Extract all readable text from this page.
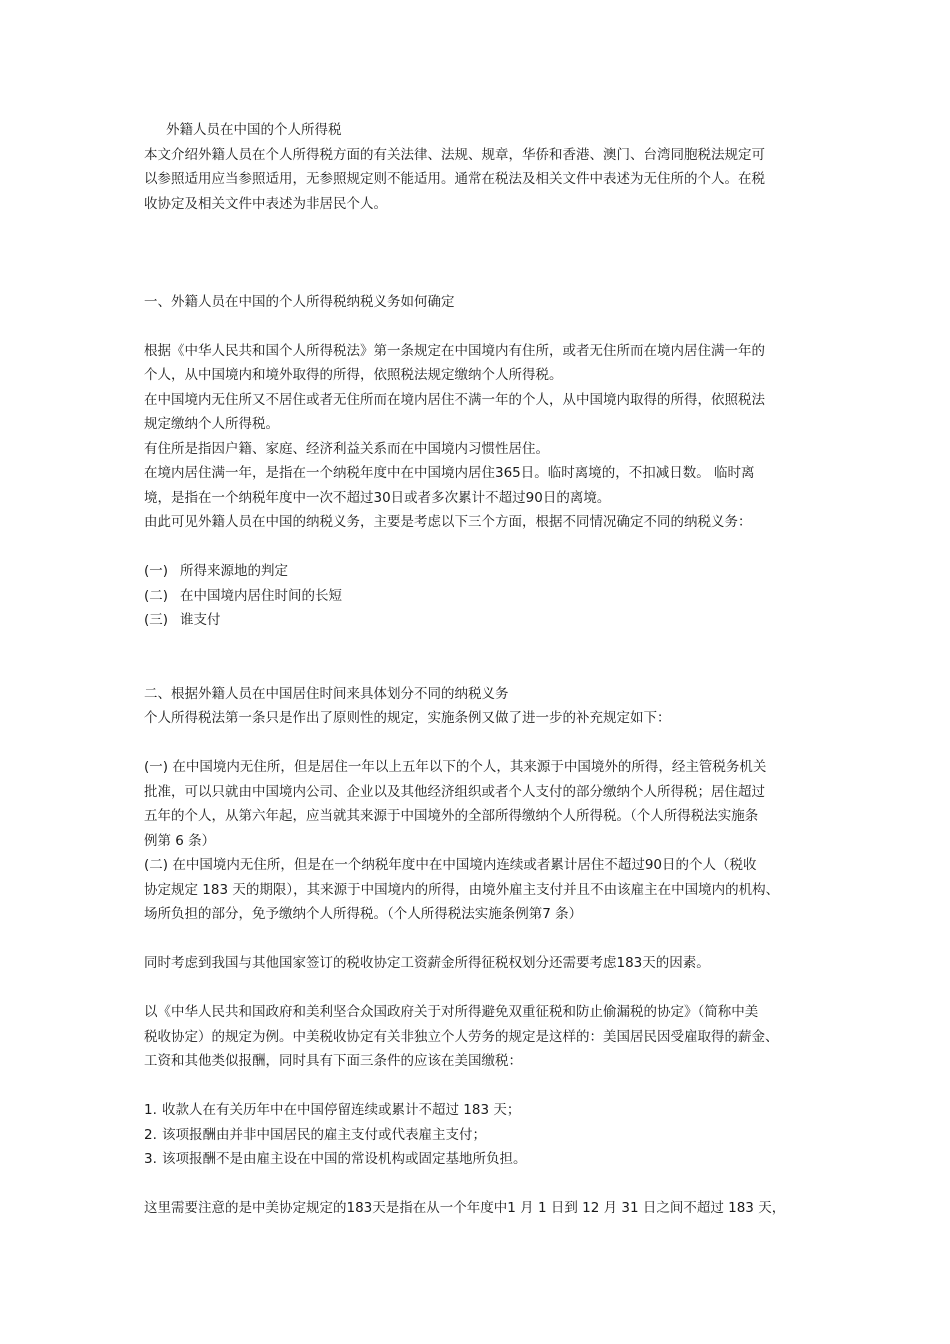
外籍人员在中国的个人所得税

本文介绍外籍人员在个人所得税方面的有关法律、法规、规章，华侨和香港、澳门、台湾同胞税法规定可

以参照适用应当参照适用，无参照规定则不能适用。通常在税法及相关文件中表述为无住所的个人。在税

收协定及相关文件中表述为非居民个人。

一、外籍人员在中国的个人所得税纳税义务如何确定

根据《中华人民共和国个人所得税法》第一条规定在中国境内有住所，或者无住所而在境内居住满一年的

个人，从中国境内和境外取得的所得，依照税法规定缴纳个人所得税。

在中国境内无住所又不居住或者无住所而在境内居住不满一年的个人，从中国境内取得的所得，依照税法

规定缴纳个人所得税。

有住所是指因户籍、家庭、经济利益关系而在中国境内习惯性居住。

在境内居住满一年，是指在一个纳税年度中在中国境内居住365日。临时离境的，不扣减日数。 临时离

境，是指在一个纳税年度中一次不超过30日或者多次累计不超过90日的离境。

由此可见外籍人员在中国的纳税义务，主要是考虑以下三个方面，根据不同情况确定不同的纳税义务：

(一) 所得来源地的判定

(二) 在中国境内居住时间的长短

(三) 谁支付

二、根据外籍人员在中国居住时间来具体划分不同的纳税义务

个人所得税法第一条只是作出了原则性的规定，实施条例又做了进一步的补充规定如下：

(一) 在中国境内无住所，但是居住一年以上五年以下的个人，其来源于中国境外的所得，经主管税务机关

批准，可以只就由中国境内公司、企业以及其他经济组织或者个人支付的部分缴纳个人所得税；居住超过

五年的个人，从第六年起，应当就其来源于中国境外的全部所得缴纳个人所得税。（个人所得税法实施条

例第 6 条）

(二) 在中国境内无住所，但是在一个纳税年度中在中国境内连续或者累计居住不超过90日的个人（税收

协定规定 183 天的期限），其来源于中国境内的所得，由境外雇主支付并且不由该雇主在中国境内的机构、

场所负担的部分，免予缴纳个人所得税。（个人所得税法实施条例第7 条）

同时考虑到我国与其他国家签订的税收协定工资薪金所得征税权划分还需要考虑183天的因素。

以《中华人民共和国政府和美利坚合众国政府关于对所得避免双重征税和防止偷漏税的协定》（简称中美

税收协定）的规定为例。中美税收协定有关非独立个人劳务的规定是这样的：美国居民因受雇取得的薪金、

工资和其他类似报酬，同时具有下面三条件的应该在美国缴税：

1. 收款人在有关历年中在中国停留连续或累计不超过 183 天；

2. 该项报酬由并非中国居民的雇主支付或代表雇主支付；

3. 该项报酬不是由雇主设在中国的常设机构或固定基地所负担。

这里需要注意的是中美协定规定的183天是指在从一个年度中1 月 1 日到 12 月 31 日之间不超过 183 天，
